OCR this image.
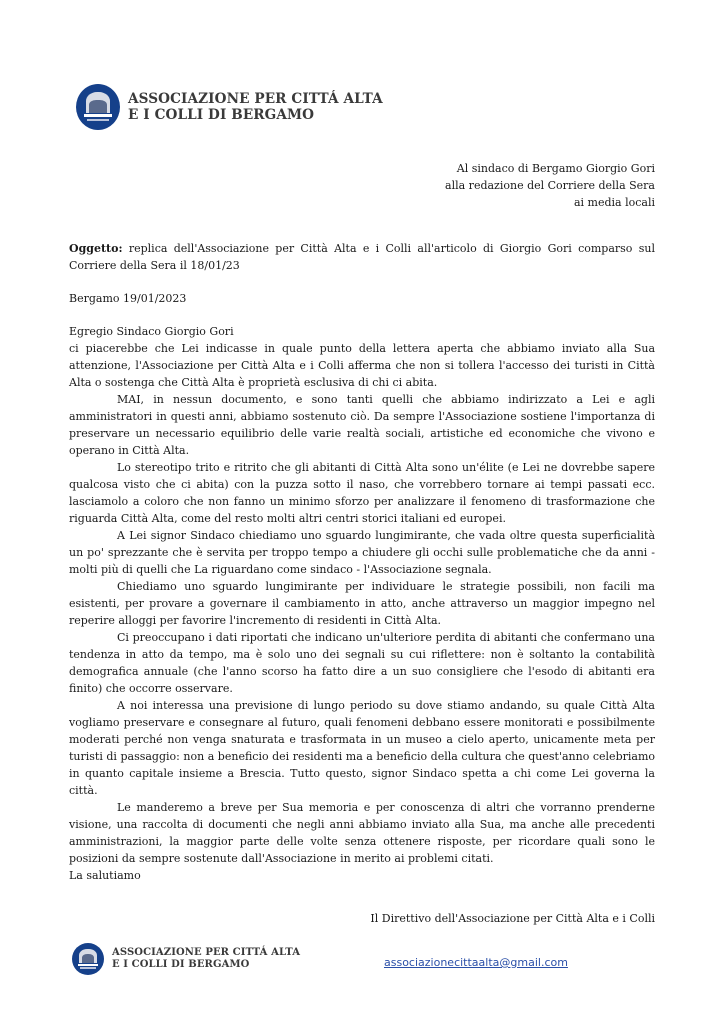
ASSOCIAZIONE PER CITTÁ ALTA
E I COLLI DI BERGAMO
Al sindaco di Bergamo Giorgio Gori
alla redazione del Corriere della Sera
ai media locali

Oggetto: replica dell'Associazione per Città Alta e i Colli all'articolo di Giorgio Gori comparso sul Corriere della Sera il 18/01/23

Bergamo 19/01/2023

Egregio Sindaco Giorgio Gori

ci piacerebbe che Lei indicasse in quale punto della lettera aperta che abbiamo inviato alla Sua attenzione, l'Associazione per Città Alta e i Colli afferma che non si tollera l'accesso dei turisti in Città Alta o sostenga che Città Alta è proprietà esclusiva di chi ci abita.

MAI, in nessun documento, e sono tanti quelli che abbiamo indirizzato a Lei e agli amministratori in questi anni, abbiamo sostenuto ciò. Da sempre l'Associazione sostiene l'importanza di preservare un necessario equilibrio delle varie realtà sociali, artistiche ed economiche che vivono e operano in Città Alta.

Lo stereotipo trito e ritrito che gli abitanti di Città Alta sono un'élite (e Lei ne dovrebbe sapere qualcosa visto che ci abita) con la puzza sotto il naso, che vorrebbero tornare ai tempi passati ecc. lasciamolo a coloro che non fanno un minimo sforzo per analizzare il fenomeno di trasformazione che riguarda Città Alta, come del resto molti altri centri storici italiani ed europei.

A Lei signor Sindaco chiediamo uno sguardo lungimirante, che vada oltre questa superficialità un po' sprezzante che è servita per troppo tempo a chiudere gli occhi sulle problematiche che da anni - molti più di quelli che La riguardano come sindaco - l'Associazione segnala.

Chiediamo uno sguardo lungimirante per individuare le strategie possibili, non facili ma esistenti, per provare a governare il cambiamento in atto, anche attraverso un maggior impegno nel reperire alloggi per favorire l'incremento di residenti in Città Alta.

Ci preoccupano i dati riportati che indicano un'ulteriore perdita di abitanti che confermano una tendenza in atto da tempo, ma è solo uno dei segnali su cui riflettere: non è soltanto la contabilità demografica annuale (che l'anno scorso ha fatto dire a un suo consigliere che l'esodo di abitanti era finito) che occorre osservare.

A noi interessa una previsione di lungo periodo su dove stiamo andando, su quale Città Alta vogliamo preservare e consegnare al futuro, quali fenomeni debbano essere monitorati e possibilmente moderati perché non venga snaturata e trasformata in un museo a cielo aperto, unicamente meta per turisti di passaggio: non a beneficio dei residenti ma a beneficio della cultura che quest'anno celebriamo in quanto capitale insieme a Brescia. Tutto questo, signor Sindaco spetta a chi come Lei governa la città.

Le manderemo a breve per Sua memoria e per conoscenza di altri che vorranno prenderne visione, una raccolta di documenti che negli anni abbiamo inviato alla Sua, ma anche alle precedenti amministrazioni, la maggior parte delle volte senza ottenere risposte, per ricordare quali sono le posizioni da sempre sostenute dall'Associazione in merito ai problemi citati.

La salutiamo

Il Direttivo dell'Associazione per Città Alta e i Colli
ASSOCIAZIONE PER CITTÁ ALTA
E I COLLI DI BERGAMO	associazionecittaalta@gmail.com
